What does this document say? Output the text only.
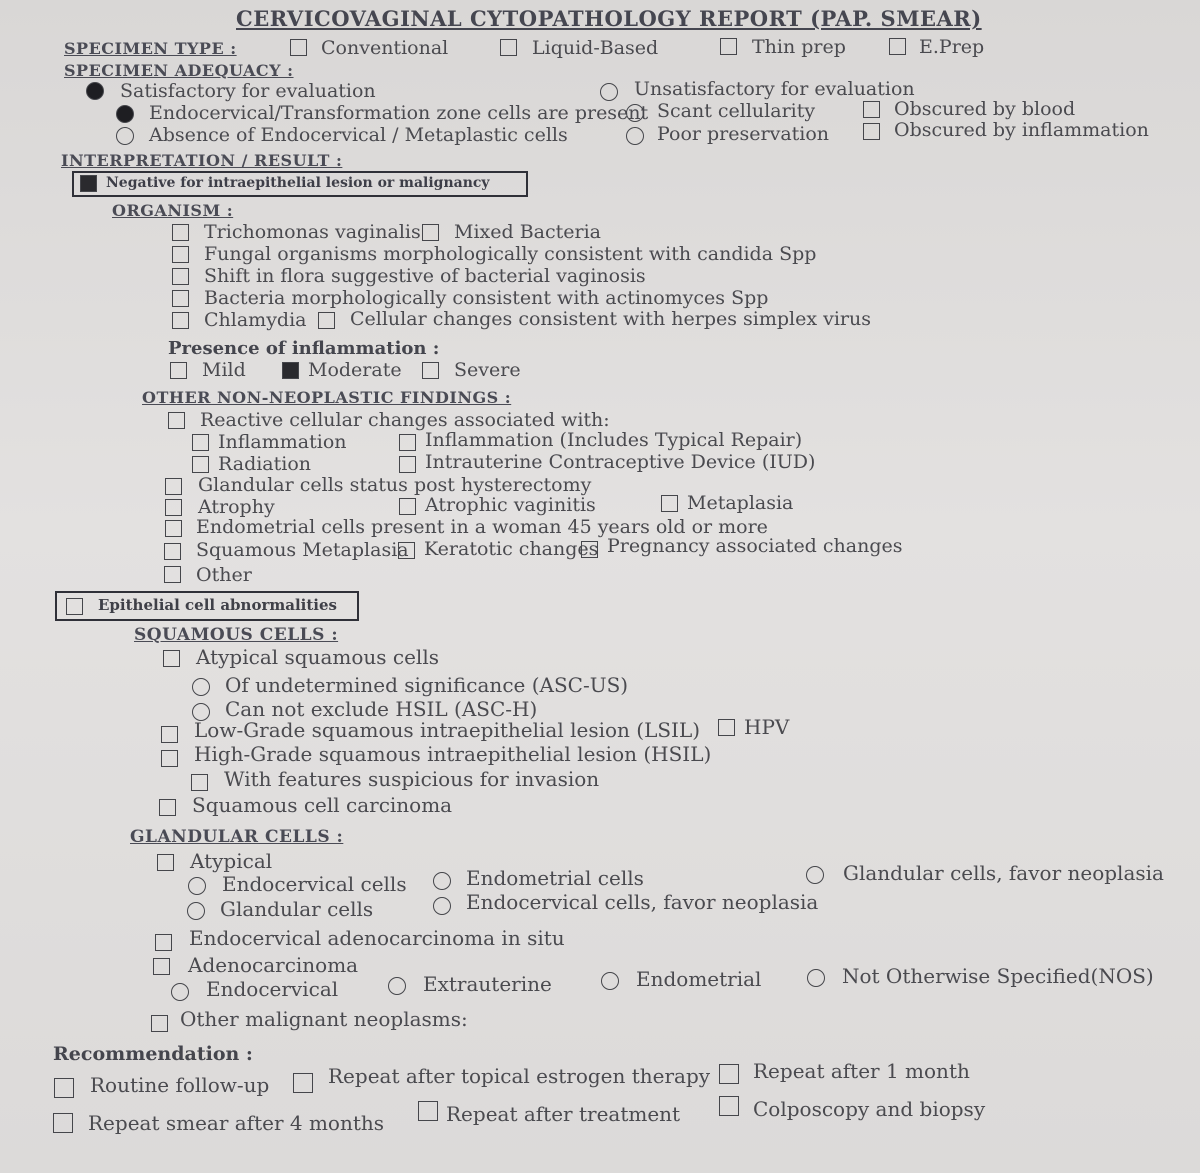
CERVICOVAGINAL CYTOPATHOLOGY REPORT (PAP. SMEAR)
SPECIMEN TYPE :	Conventional	Liquid-Based	Thin prep	E.Prep
SPECIMEN ADEQUACY :
Satisfactory for evaluation	Unsatisfactory for evaluation
Endocervical/Transformation zone cells are present Scant cellularity	Obscured by blood
Absence of Endocervical / Metaplastic cells	Poor preservation	Obscured by inflammation
INTERPRETATION / RESULT :
Negative for intraepithelial lesion or malignancy
ORGANISM :
Trichomonas vaginalis Mixed Bacteria
Fungal organisms morphologically consistent with candida Spp
Shift in flora suggestive of bacterial vaginosis
Bacteria morphologically consistent with actinomyces Spp
Chlamydia Cellular changes consistent with herpes simplex virus
Presence of inflammation :
Mild	Moderate	Severe
OTHER NON-NEOPLASTIC FINDINGS :
Reactive cellular changes associated with:
Inflammation	Inflammation (Includes Typical Repair)
Radiation	Intrauterine Contraceptive Device (IUD)
Glandular cells status post hysterectomy
Atrophy	Atrophic vaginitis	Metaplasia
Endometrial cells present in a woman 45 years old or more
Squamous Metaplasia Keratotic changes Pregnancy associated changes
Other
Epithelial cell abnormalities
SQUAMOUS CELLS :
Atypical squamous cells
Of undetermined significance (ASC-US)
Can not exclude HSIL (ASC-H)
Low-Grade squamous intraepithelial lesion (LSIL) HPV
High-Grade squamous intraepithelial lesion (HSIL)
With features suspicious for invasion
Squamous cell carcinoma
GLANDULAR CELLS :
Atypical
Endocervical cells	Endometrial cells	Glandular cells, favor neoplasia
Glandular cells	Endocervical cells, favor neoplasia
Endocervical adenocarcinoma in situ
Adenocarcinoma
Endocervical	Extrauterine	Endometrial	Not Otherwise Specified(NOS)
Other malignant neoplasms:
Recommendation :
Routine follow-up	Repeat after topical estrogen therapy Repeat after 1 month
Repeat smear after 4 months	Repeat after treatment	Colposcopy and biopsy
